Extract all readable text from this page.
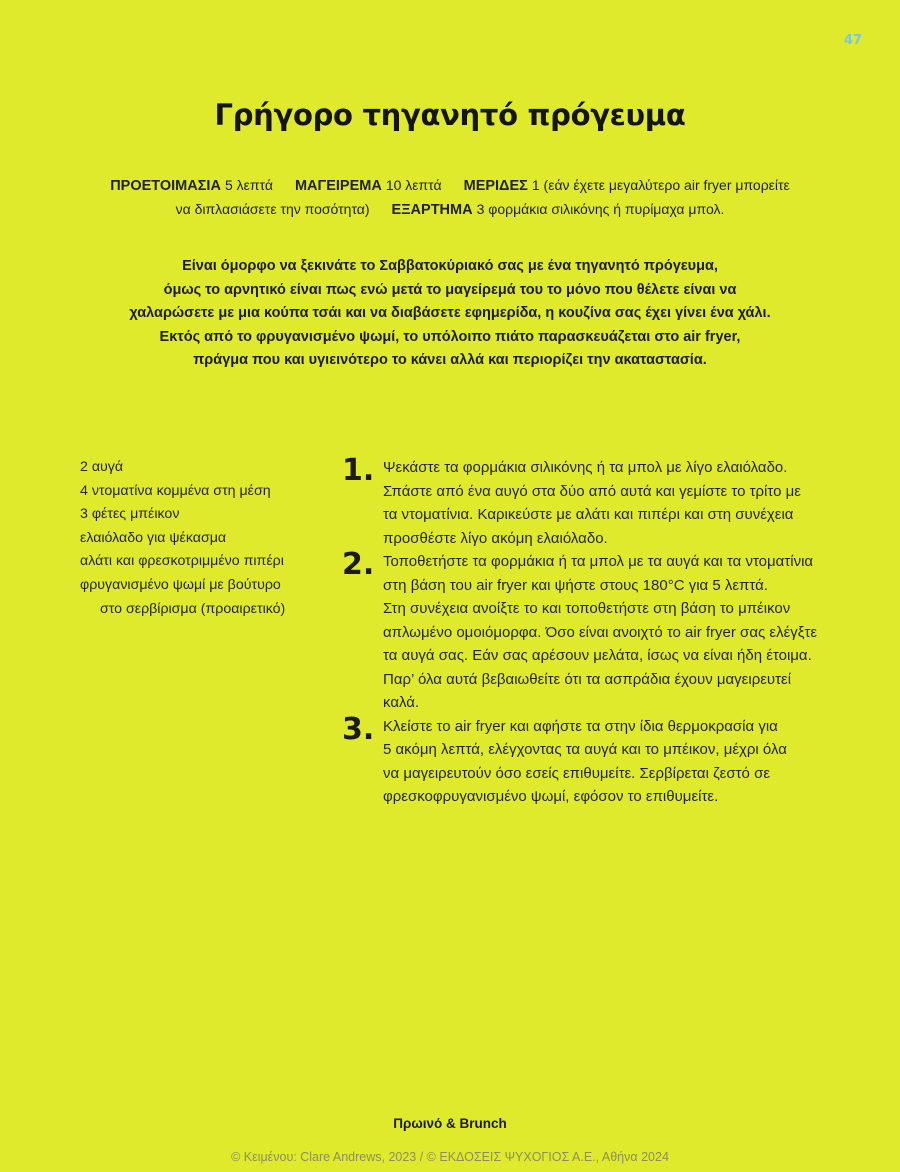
47
Γρήγορο τηγανητό πρόγευμα
ΠΡΟΕΤΟΙΜΑΣΙΑ 5 λεπτά ΜΑΓΕΙΡΕΜΑ 10 λεπτά ΜΕΡΙΔΕΣ 1 (εάν έχετε μεγαλύτερο air fryer μπορείτε
να διπλασιάσετε την ποσότητα) ΕΞΑΡΤΗΜΑ 3 φορμάκια σιλικόνης ή πυρίμαχα μπολ.
Είναι όμορφο να ξεκινάτε το Σαββατοκύριακό σας με ένα τηγανητό πρόγευμα,
όμως το αρνητικό είναι πως ενώ μετά το μαγείρεμά του το μόνο που θέλετε είναι να
χαλαρώσετε με μια κούπα τσάι και να διαβάσετε εφημερίδα, η κουζίνα σας έχει γίνει ένα χάλι.
Εκτός από το φρυγανισμένο ψωμί, το υπόλοιπο πιάτο παρασκευάζεται στο air fryer,
πράγμα που και υγιεινότερο το κάνει αλλά και περιορίζει την ακαταστασία.
2 αυγά
4 ντοματίνα κομμένα στη μέση
3 φέτες μπέικον
ελαιόλαδο για ψέκασμα
αλάτι και φρεσκοτριμμένο πιπέρι
φρυγανισμένο ψωμί με βούτυρο
στο σερβίρισμα (προαιρετικό)
1. Ψεκάστε τα φορμάκια σιλικόνης ή τα μπολ με λίγο ελαιόλαδο.
Σπάστε από ένα αυγό στα δύο από αυτά και γεμίστε το τρίτο με
τα ντοματίνια. Καρικεύστε με αλάτι και πιπέρι και στη συνέχεια
προσθέστε λίγο ακόμη ελαιόλαδο.
2. Τοποθετήστε τα φορμάκια ή τα μπολ με τα αυγά και τα ντοματίνια
στη βάση του air fryer και ψήστε στους 180°C για 5 λεπτά.
Στη συνέχεια ανοίξτε το και τοποθετήστε στη βάση το μπέικον
απλωμένο ομοιόμορφα. Όσο είναι ανοιχτό το air fryer σας ελέγξτε
τα αυγά σας. Εάν σας αρέσουν μελάτα, ίσως να είναι ήδη έτοιμα.
Παρ’ όλα αυτά βεβαιωθείτε ότι τα ασπράδια έχουν μαγειρευτεί
καλά.
3. Κλείστε το air fryer και αφήστε τα στην ίδια θερμοκρασία για
5 ακόμη λεπτά, ελέγχοντας τα αυγά και το μπέικον, μέχρι όλα
να μαγειρευτούν όσο εσείς επιθυμείτε. Σερβίρεται ζεστό σε
φρεσκοφρυγανισμένο ψωμί, εφόσον το επιθυμείτε.
Πρωινό & Brunch
© Κειμένου: Clare Andrews, 2023 / © ΕΚΔΟΣΕΙΣ ΨΥΧΟΓΙΟΣ Α.Ε., Αθήνα 2024
